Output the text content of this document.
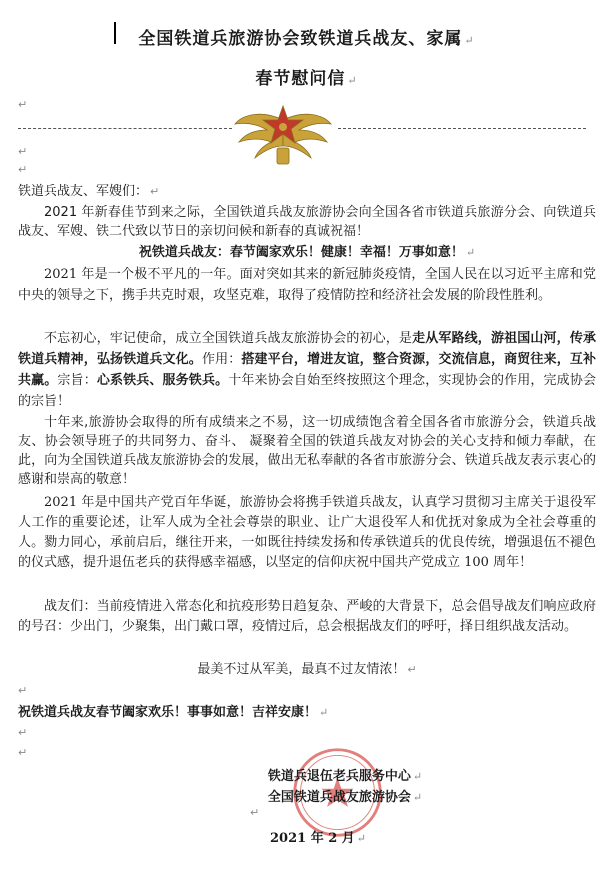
全国铁道兵旅游协会致铁道兵战友、家属 ↵
春节慰问信 ↵
↵
↵
↵
铁道兵战友、军嫂们： ↵
2021 年新春佳节到来之际，全国铁道兵战友旅游协会向全国各省市铁道兵旅游分会、向铁道兵战友、军嫂、铁二代致以节日的亲切问候和新春的真诚祝福！
祝铁道兵战友：春节阖家欢乐！健康！幸福！万事如意！ ↵
2021 年是一个极不平凡的一年。面对突如其来的新冠肺炎疫情，全国人民在以习近平主席和党中央的领导之下，携手共克时艰，攻坚克难，取得了疫情防控和经济社会发展的阶段性胜利。
不忘初心，牢记使命，成立全国铁道兵战友旅游协会的初心，是走从军路线，游祖国山河，传承铁道兵精神，弘扬铁道兵文化。作用：搭建平台，增进友谊，整合资源，交流信息，商贸往来，互补共赢。宗旨：心系铁兵、服务铁兵。十年来协会自始至终按照这个理念，实现协会的作用，完成协会的宗旨！
十年来,旅游协会取得的所有成绩来之不易，这一切成绩饱含着全国各省市旅游分会，铁道兵战友、协会领导班子的共同努力、奋斗、 凝聚着全国的铁道兵战友对协会的关心支持和倾力奉献，在此，向为全国铁道兵战友旅游协会的发展，做出无私奉献的各省市旅游分会、铁道兵战友表示衷心的感谢和崇高的敬意！
2021 年是中国共产党百年华诞，旅游协会将携手铁道兵战友，认真学习贯彻习主席关于退役军人工作的重要论述，让军人成为全社会尊崇的职业、让广大退役军人和优抚对象成为全社会尊重的人。勠力同心，承前启后，继往开来，一如既往持续发扬和传承铁道兵的优良传统，增强退伍不褪色的仪式感，提升退伍老兵的获得感幸福感，以坚定的信仰庆祝中国共产党成立 100 周年！
战友们：当前疫情进入常态化和抗疫形势日趋复杂、严峻的大背景下，总会倡导战友们响应政府的号召：少出门，少聚集，出门戴口罩，疫情过后，总会根据战友们的呼吁，择日组织战友活动。
最美不过从军美，最真不过友情浓！ ↵
↵
祝铁道兵战友春节阖家欢乐！事事如意！吉祥安康！ ↵
↵
↵
铁道兵退伍老兵服务中心 ↵
全国铁道兵战友旅游协会 ↵
↵
2021 年 2 月 ↵
